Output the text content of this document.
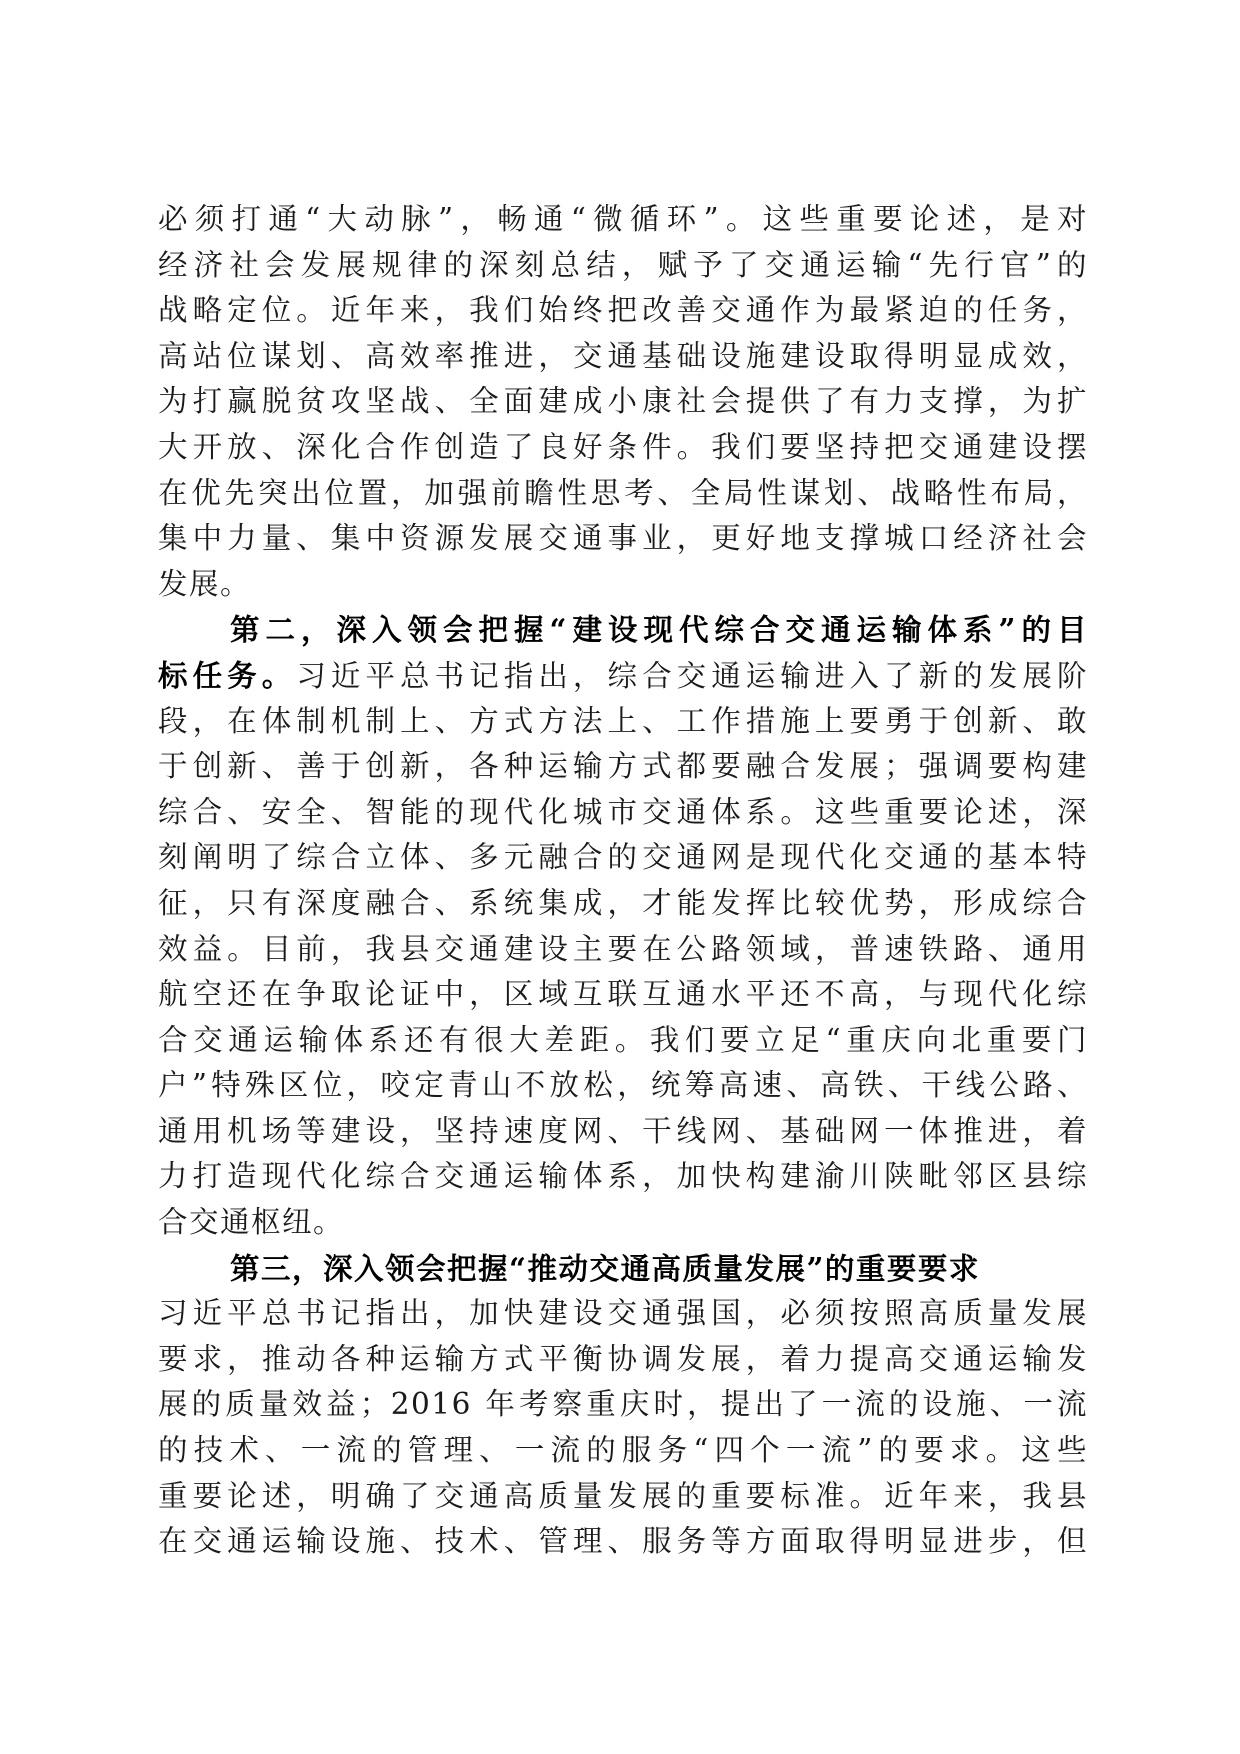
必须打通“大动脉”，畅通“微循环”。这些重要论述，是对
经济社会发展规律的深刻总结，赋予了交通运输“先行官”的
战略定位。近年来，我们始终把改善交通作为最紧迫的任务，
高站位谋划、高效率推进，交通基础设施建设取得明显成效，
为打赢脱贫攻坚战、全面建成小康社会提供了有力支撑，为扩
大开放、深化合作创造了良好条件。我们要坚持把交通建设摆
在优先突出位置，加强前瞻性思考、全局性谋划、战略性布局，
集中力量、集中资源发展交通事业，更好地支撑城口经济社会
发展。
第二，深入领会把握“建设现代综合交通运输体系”的目
标任务。习近平总书记指出，综合交通运输进入了新的发展阶
段，在体制机制上、方式方法上、工作措施上要勇于创新、敢
于创新、善于创新，各种运输方式都要融合发展；强调要构建
综合、安全、智能的现代化城市交通体系。这些重要论述，深
刻阐明了综合立体、多元融合的交通网是现代化交通的基本特
征，只有深度融合、系统集成，才能发挥比较优势，形成综合
效益。目前，我县交通建设主要在公路领域，普速铁路、通用
航空还在争取论证中，区域互联互通水平还不高，与现代化综
合交通运输体系还有很大差距。我们要立足“重庆向北重要门
户”特殊区位，咬定青山不放松，统筹高速、高铁、干线公路、
通用机场等建设，坚持速度网、干线网、基础网一体推进，着
力打造现代化综合交通运输体系，加快构建渝川陕毗邻区县综
合交通枢纽。
第三，深入领会把握“推动交通高质量发展”的重要要求
习近平总书记指出，加快建设交通强国，必须按照高质量发展
要求，推动各种运输方式平衡协调发展，着力提高交通运输发
展的质量效益；2016 年考察重庆时，提出了一流的设施、一流
的技术、一流的管理、一流的服务“四个一流”的要求。这些
重要论述，明确了交通高质量发展的重要标准。近年来，我县
在交通运输设施、技术、管理、服务等方面取得明显进步，但
